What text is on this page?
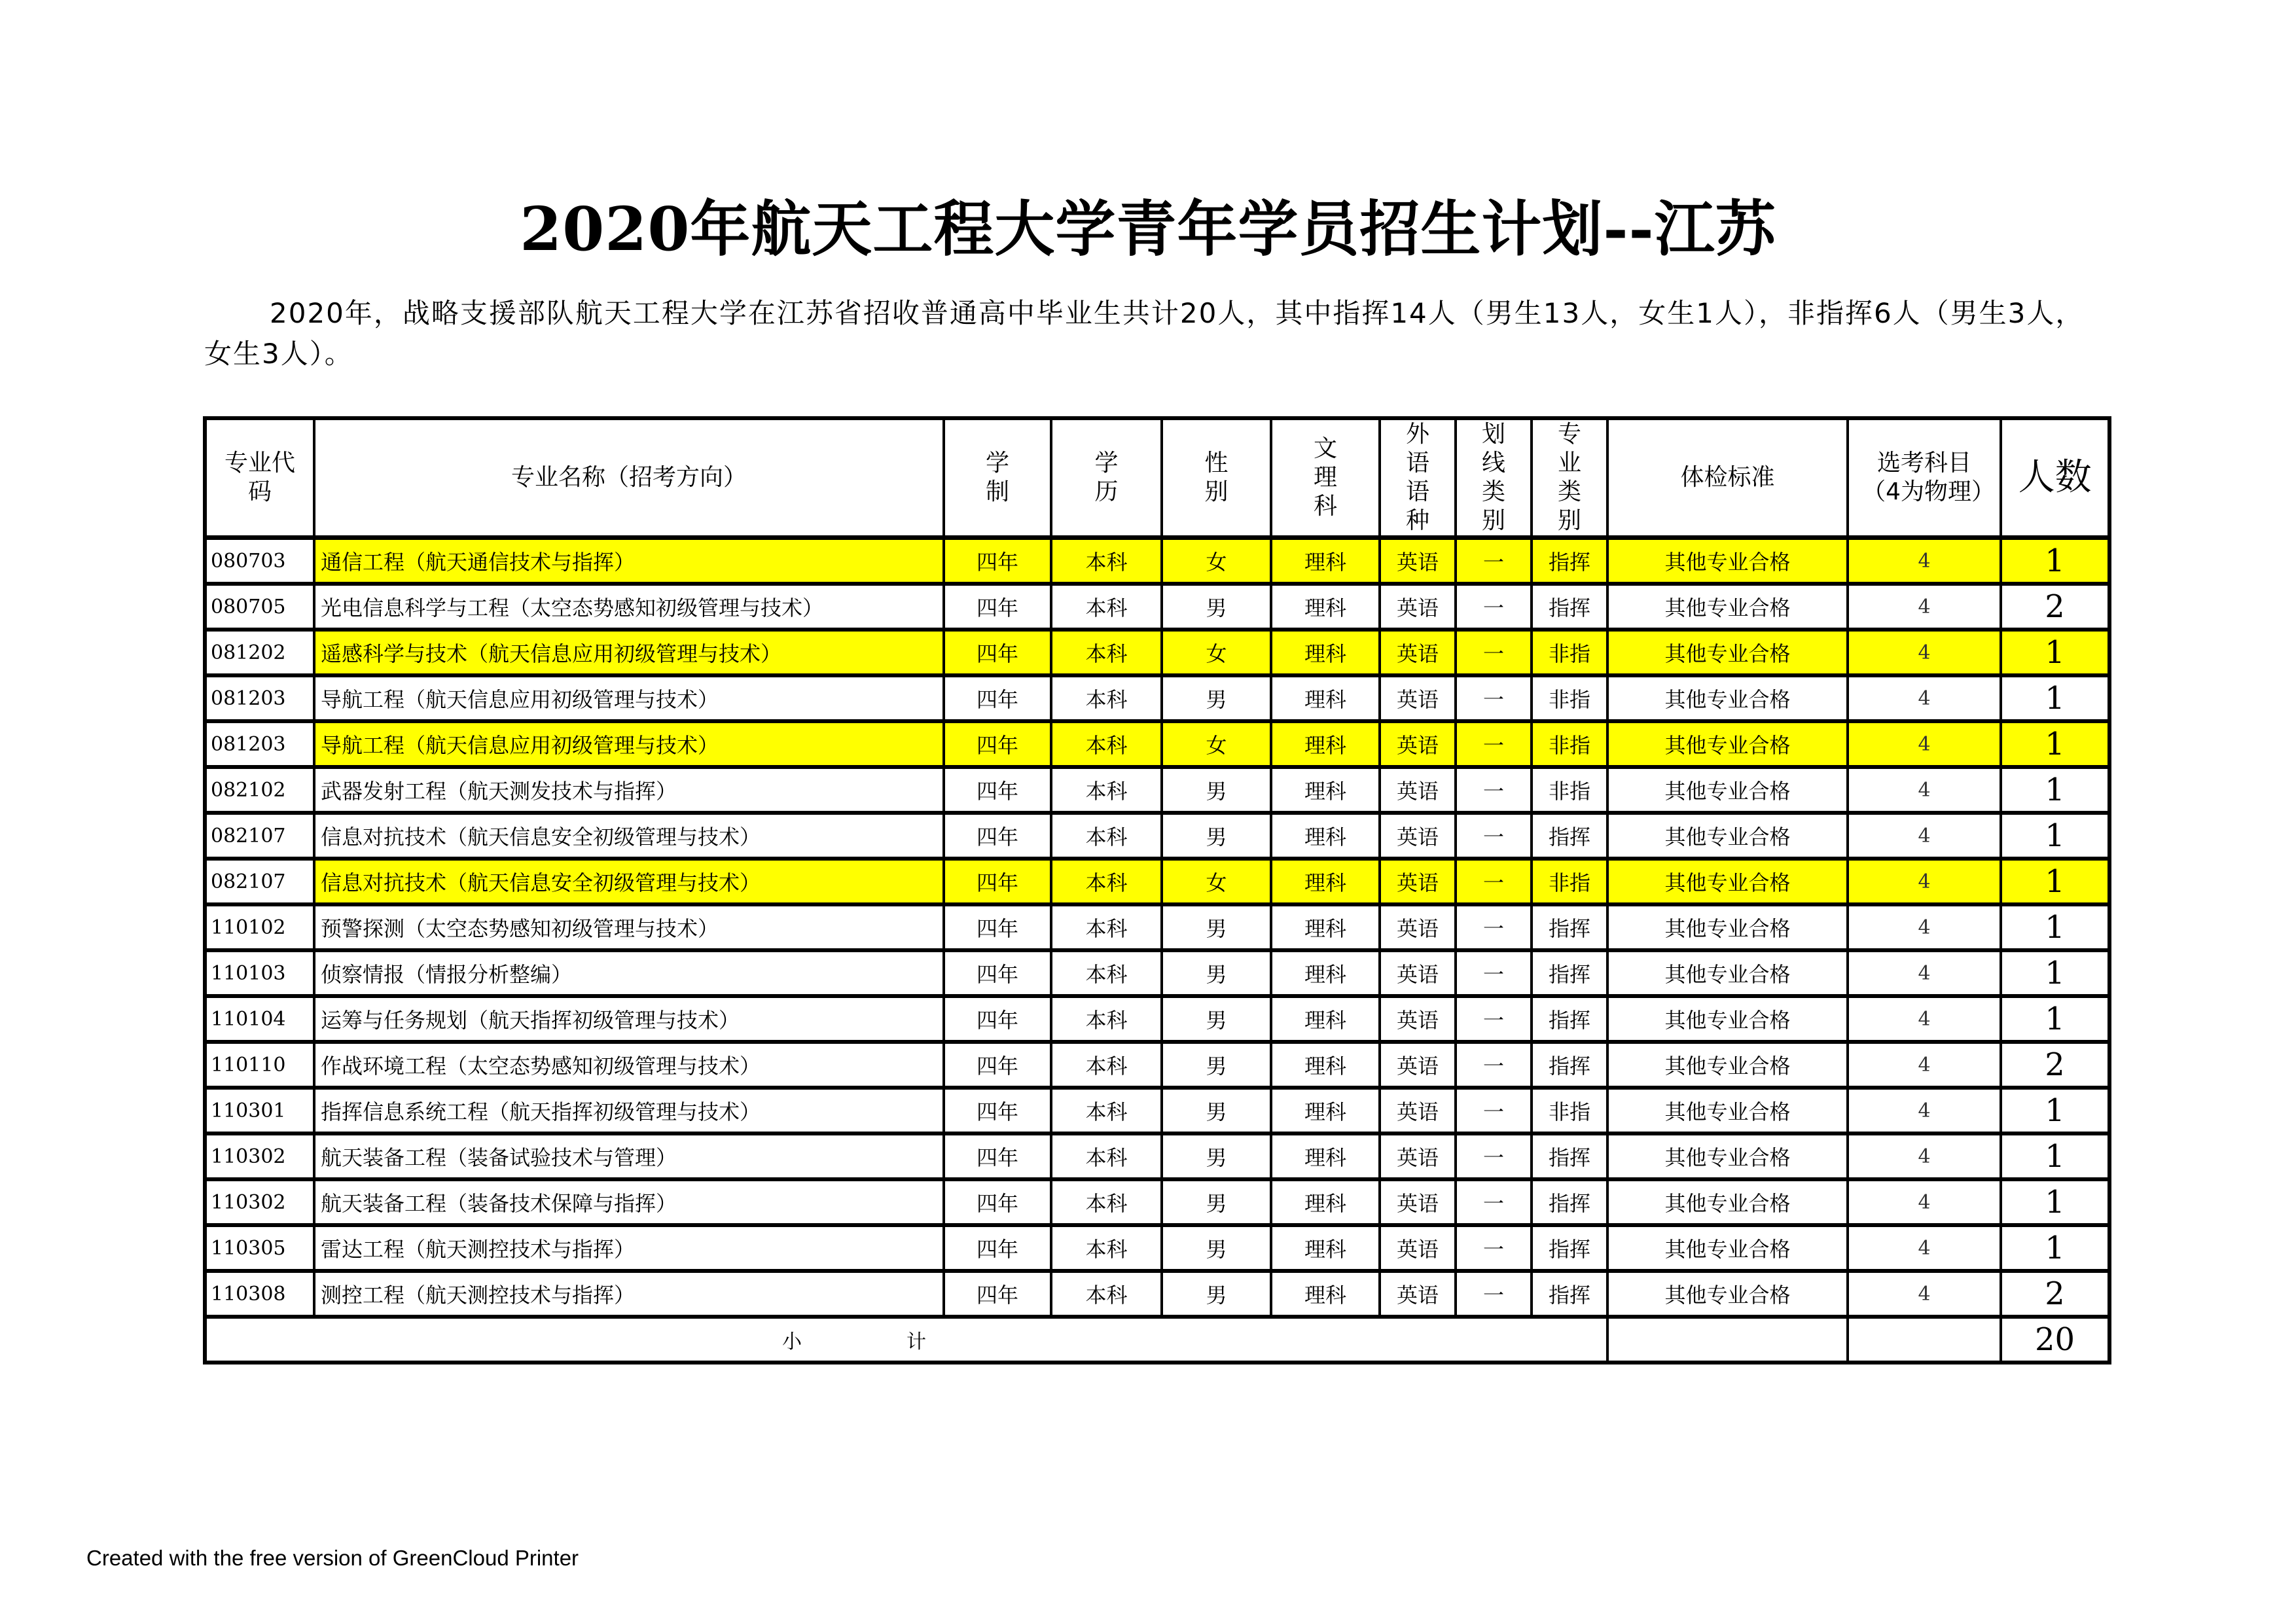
2020年航天工程大学青年学员招生计划--江苏
2020年，战略支援部队航天工程大学在江苏省招收普通高中毕业生共计20人，其中指挥14人（男生13人，女生1人），非指挥6人（男生3人，女生3人）。
专业代码	专业名称（招考方向）	学制	学历	性别	文理科	外语语种	划线类别	专业类别	体检标准	选考科目（4为物理）	人数
080703	通信工程（航天通信技术与指挥）	四年	本科	女	理科	英语	一	指挥	其他专业合格	4	1
080705	光电信息科学与工程（太空态势感知初级管理与技术）	四年	本科	男	理科	英语	一	指挥	其他专业合格	4	2
081202	遥感科学与技术（航天信息应用初级管理与技术）	四年	本科	女	理科	英语	一	非指	其他专业合格	4	1
081203	导航工程（航天信息应用初级管理与技术）	四年	本科	男	理科	英语	一	非指	其他专业合格	4	1
081203	导航工程（航天信息应用初级管理与技术）	四年	本科	女	理科	英语	一	非指	其他专业合格	4	1
082102	武器发射工程（航天测发技术与指挥）	四年	本科	男	理科	英语	一	非指	其他专业合格	4	1
082107	信息对抗技术（航天信息安全初级管理与技术）	四年	本科	男	理科	英语	一	指挥	其他专业合格	4	1
082107	信息对抗技术（航天信息安全初级管理与技术）	四年	本科	女	理科	英语	一	非指	其他专业合格	4	1
110102	预警探测（太空态势感知初级管理与技术）	四年	本科	男	理科	英语	一	指挥	其他专业合格	4	1
110103	侦察情报（情报分析整编）	四年	本科	男	理科	英语	一	指挥	其他专业合格	4	1
110104	运筹与任务规划（航天指挥初级管理与技术）	四年	本科	男	理科	英语	一	指挥	其他专业合格	4	1
110110	作战环境工程（太空态势感知初级管理与技术）	四年	本科	男	理科	英语	一	指挥	其他专业合格	4	2
110301	指挥信息系统工程（航天指挥初级管理与技术）	四年	本科	男	理科	英语	一	非指	其他专业合格	4	1
110302	航天装备工程（装备试验技术与管理）	四年	本科	男	理科	英语	一	指挥	其他专业合格	4	1
110302	航天装备工程（装备技术保障与指挥）	四年	本科	男	理科	英语	一	指挥	其他专业合格	4	1
110305	雷达工程（航天测控技术与指挥）	四年	本科	男	理科	英语	一	指挥	其他专业合格	4	1
110308	测控工程（航天测控技术与指挥）	四年	本科	男	理科	英语	一	指挥	其他专业合格	4	2
小计											20
Created with the free version of GreenCloud Printer
